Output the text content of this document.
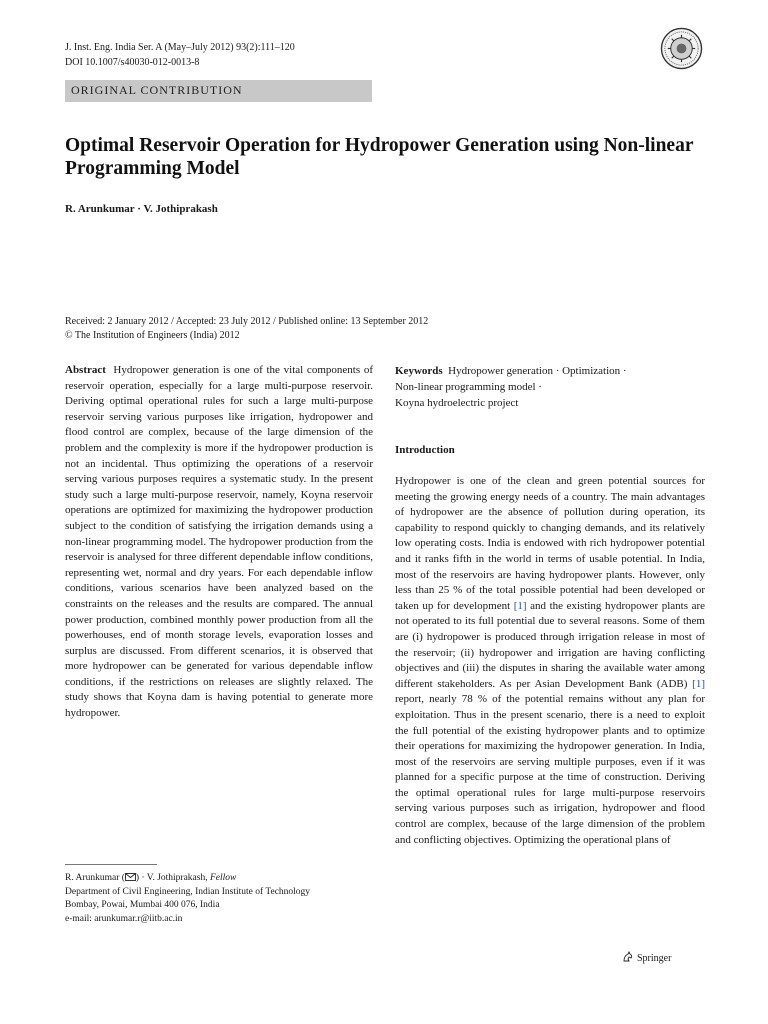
J. Inst. Eng. India Ser. A (May–July 2012) 93(2):111–120
DOI 10.1007/s40030-012-0013-8
ORIGINAL CONTRIBUTION
Optimal Reservoir Operation for Hydropower Generation using Non-linear Programming Model
R. Arunkumar · V. Jothiprakash
Received: 2 January 2012 / Accepted: 23 July 2012 / Published online: 13 September 2012
© The Institution of Engineers (India) 2012
Abstract Hydropower generation is one of the vital components of reservoir operation, especially for a large multi-purpose reservoir. Deriving optimal operational rules for such a large multi-purpose reservoir serving various purposes like irrigation, hydropower and flood control are complex, because of the large dimension of the problem and the complexity is more if the hydropower production is not an incidental. Thus optimizing the operations of a reservoir serving various purposes requires a systematic study. In the present study such a large multi-purpose reservoir, namely, Koyna reservoir operations are optimized for maximizing the hydropower production subject to the condition of satisfying the irrigation demands using a non-linear programming model. The hydropower production from the reservoir is analysed for three different dependable inflow conditions, representing wet, normal and dry years. For each dependable inflow conditions, various scenarios have been analyzed based on the constraints on the releases and the results are compared. The annual power production, combined monthly power production from all the powerhouses, end of month storage levels, evaporation losses and surplus are discussed. From different scenarios, it is observed that more hydropower can be generated for various dependable inflow conditions, if the restrictions on releases are slightly relaxed. The study shows that Koyna dam is having potential to generate more hydropower.
Keywords Hydropower generation · Optimization ·
Non-linear programming model ·
Koyna hydroelectric project
Introduction
Hydropower is one of the clean and green potential sources for meeting the growing energy needs of a country. The main advantages of hydropower are the absence of pollution during operation, its capability to respond quickly to changing demands, and its relatively low operating costs. India is endowed with rich hydropower potential and it ranks fifth in the world in terms of usable potential. In India, most of the reservoirs are having hydropower plants. However, only less than 25 % of the total possible potential had been developed or taken up for development [1] and the existing hydropower plants are not operated to its full potential due to several reasons. Some of them are (i) hydropower is produced through irrigation release in most of the reservoir; (ii) hydropower and irrigation are having conflicting objectives and (iii) the disputes in sharing the available water among different stakeholders. As per Asian Development Bank (ADB) [1] report, nearly 78 % of the potential remains without any plan for exploitation. Thus in the present scenario, there is a need to exploit the full potential of the existing hydropower plants and to optimize their operations for maximizing the hydropower generation. In India, most of the reservoirs are serving multiple purposes, even if it was planned for a specific purpose at the time of construction. Deriving the optimal operational rules for large multi-purpose reservoirs serving various purposes such as irrigation, hydropower and flood control are complex, because of the large dimension of the problem and conflicting objectives. Optimizing the operational plans of
R. Arunkumar ( ) · V. Jothiprakash, Fellow
Department of Civil Engineering, Indian Institute of Technology
Bombay, Powai, Mumbai 400 076, India
e-mail: arunkumar.r@iitb.ac.in
Springer
